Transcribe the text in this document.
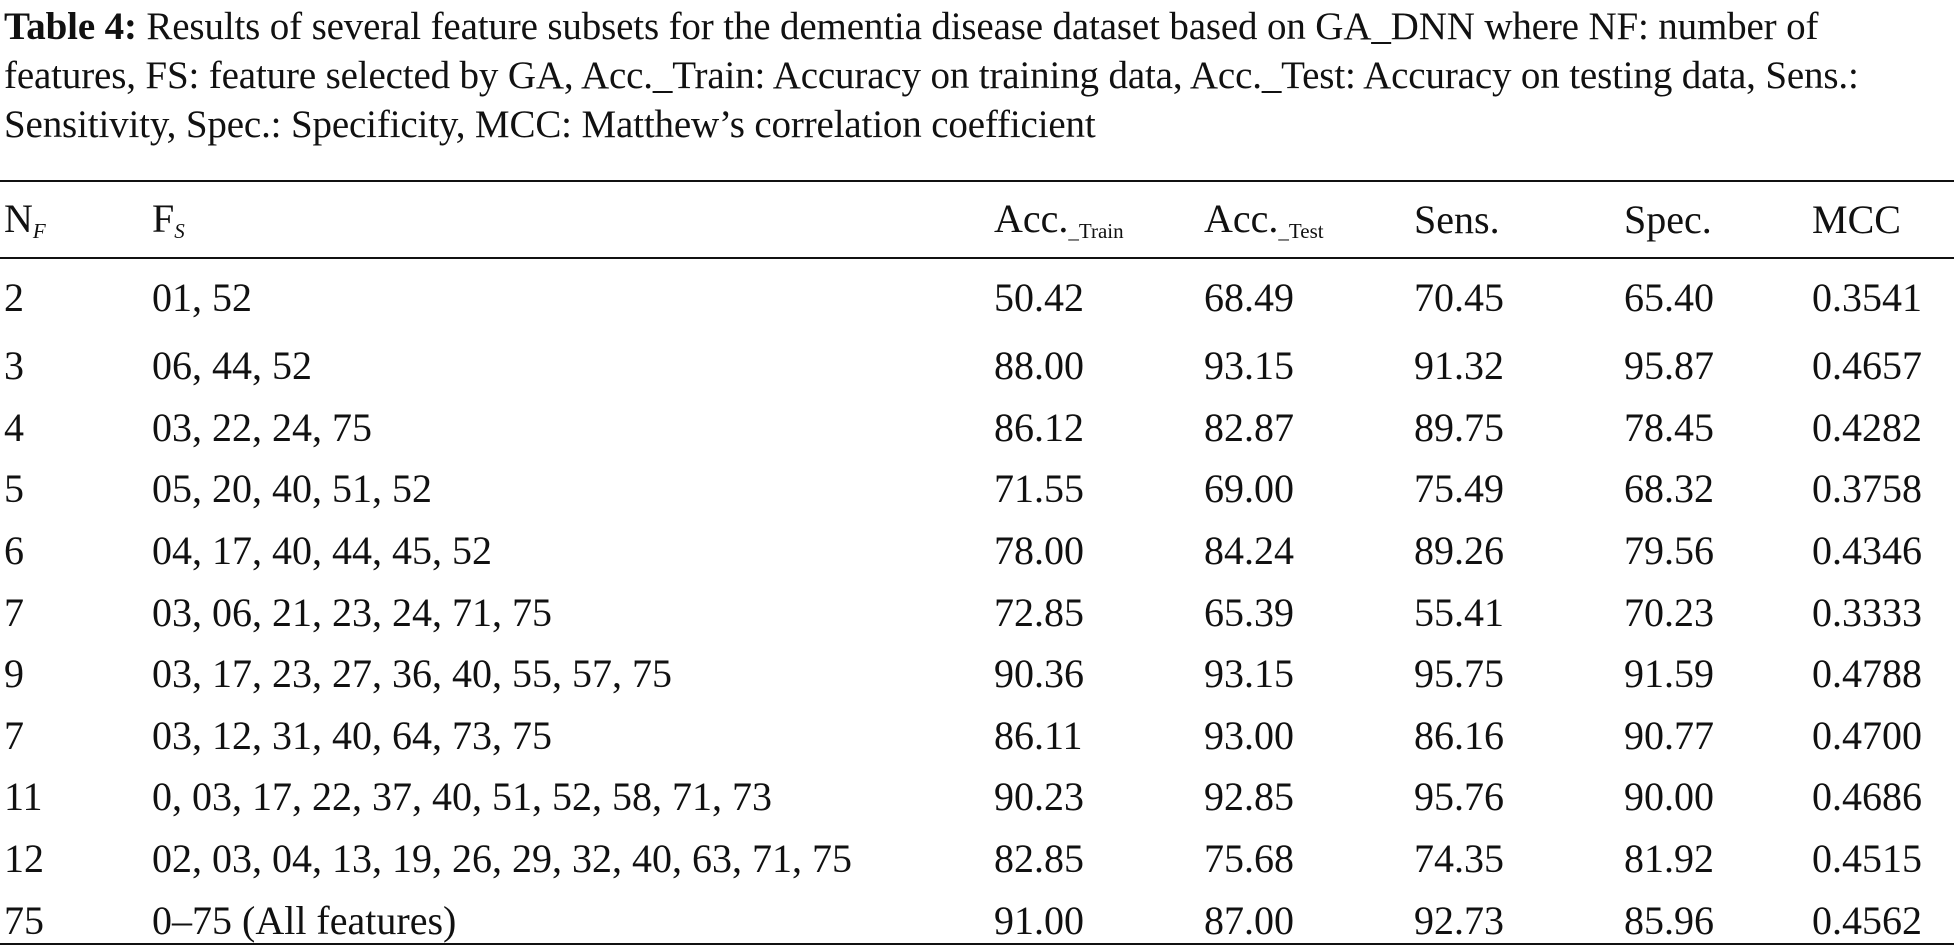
Table 4: Results of several feature subsets for the dementia disease dataset based on GA_DNN where NF: number of features, FS: feature selected by GA, Acc._Train: Accuracy on training data, Acc._Test: Accuracy on testing data, Sens.: Sensitivity, Spec.: Specificity, MCC: Matthew’s correlation coefficient

$N_F$	$F_S$	$Acc._{\_Train}$	$Acc._{\_Test}$	Sens.	Spec.	MCC
2	01, 52	50.42	68.49	70.45	65.40	0.3541
3	06, 44, 52	88.00	93.15	91.32	95.87	0.4657
4	03, 22, 24, 75	86.12	82.87	89.75	78.45	0.4282
5	05, 20, 40, 51, 52	71.55	69.00	75.49	68.32	0.3758
6	04, 17, 40, 44, 45, 52	78.00	84.24	89.26	79.56	0.4346
7	03, 06, 21, 23, 24, 71, 75	72.85	65.39	55.41	70.23	0.3333
9	03, 17, 23, 27, 36, 40, 55, 57, 75	90.36	93.15	95.75	91.59	0.4788
7	03, 12, 31, 40, 64, 73, 75	86.11	93.00	86.16	90.77	0.4700
11	0, 03, 17, 22, 37, 40, 51, 52, 58, 71, 73	90.23	92.85	95.76	90.00	0.4686
12	02, 03, 04, 13, 19, 26, 29, 32, 40, 63, 71, 75	82.85	75.68	74.35	81.92	0.4515
75	0–75 (All features)	91.00	87.00	92.73	85.96	0.4562
